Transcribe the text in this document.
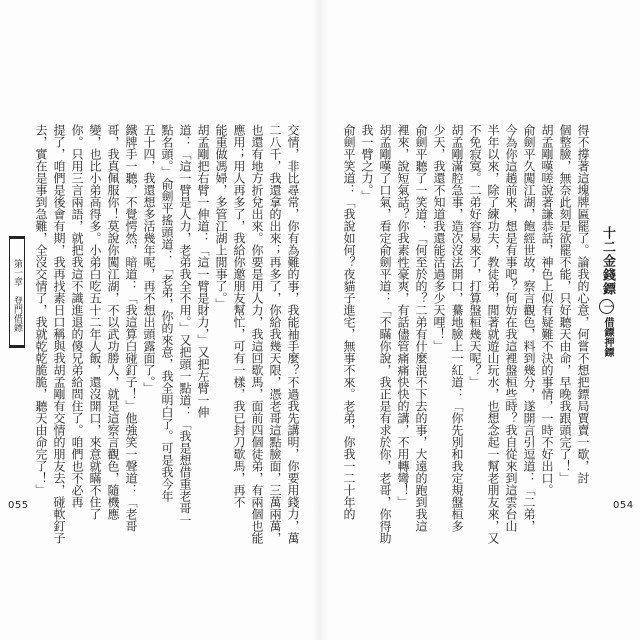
第一章登門借鏢	交情，非比尋常，你有為難的事，我能袖手麼？不過我先講明，你要用錢力，萬
二八千，我還拿的出來；再多了，你給我幾天限，憑老哥這點臉面，三萬兩萬，
也還有地方折兌出來。你要是用人力，我這回歇馬，面前四個徒弟，有兩個也能
應用；用人再多了，我給你邀朋友幫忙，可有一樣，我已封刀歇馬，再不
能重做馮婦，多管江湖上閒事了。」
胡孟剛把右臂一伸道：「這一臂是財力，」又把左臂一伸
道：「這一臂是人力，老弟我全不用。」又把頭一點道：「我是想借重老哥一
點名頭。」俞劍平搖頭道：「老弟，你的來意，我全明白了。可是我今年
五十四，我還想多活幾年呢，再不想出頭露面了。」
鐵牌手一聽，不覺愕然，暗道：「我這算白碰釘子！」他強笑一聲道：「老哥
哥，我真佩服你！莫說你闖江湖，不以武功勝人，就是這察言觀色，隨機應
變，也比小弟高得多。小弟白吃五十二年人飯，還沒開口，來意就瞞不住了
你。只用三言兩語，就把我這不識進退的傻兄弟給問住了。咱們也不必再
提了，咱們是後會有期，我再找素日口稱與我胡孟剛有交情的朋友去，碰軟釘子
去，實在是事到急難，全沒交情了，我就乾乾脆脆，聽天由命完了！」
055
得不撐著這塊牌匾罷了。論我的心意，何嘗不想把鏢局賈賣一歇，討
個整臉，無奈此刻是欲罷不能，只好聽天由命，早晚我跟頭完了！」
胡孟剛嘆嗟說著謙恭話，神色上似有疑難不決的事情，一時不好出口。
俞劍平久闖江湖，飽經世故，察言觀色，料到幾分，遂開言引逗道：「二弟，
今為你這趟前來，想是有事吧？何妨在我這裡盤桓些時？我自從來到這雲台山
半年以來，除了練功夫，教徒弟，閒著就遊山玩水，也想念起一幫老朋友來，又
不免寂寞。二弟好容易來了，打算盤桓幾天呢？」
胡孟剛滿腔急事，造次沒法開口，驀地臉上一紅道：「你先別和我定規盤桓多
少天，我還不知道我還能活過多少天哩！」
俞劍平聽了一笑道：「何至於的？二弟有什麼混不下去的事，大遠的跑到我這
裡來，說短氣話？你我素性豪爽，有話儘管痛痛快快的講，不用轉彎！」
胡孟剛嘆了口氣，看定俞劍平道：「不瞞你說，我正是有求於你，老哥，你得助
我一臂之力。」
俞劍平笑道：「我說如何？夜貓子進宅，無事不來。老弟，你我一二十年的	十二金錢鏢一借鏢押鏢
054
